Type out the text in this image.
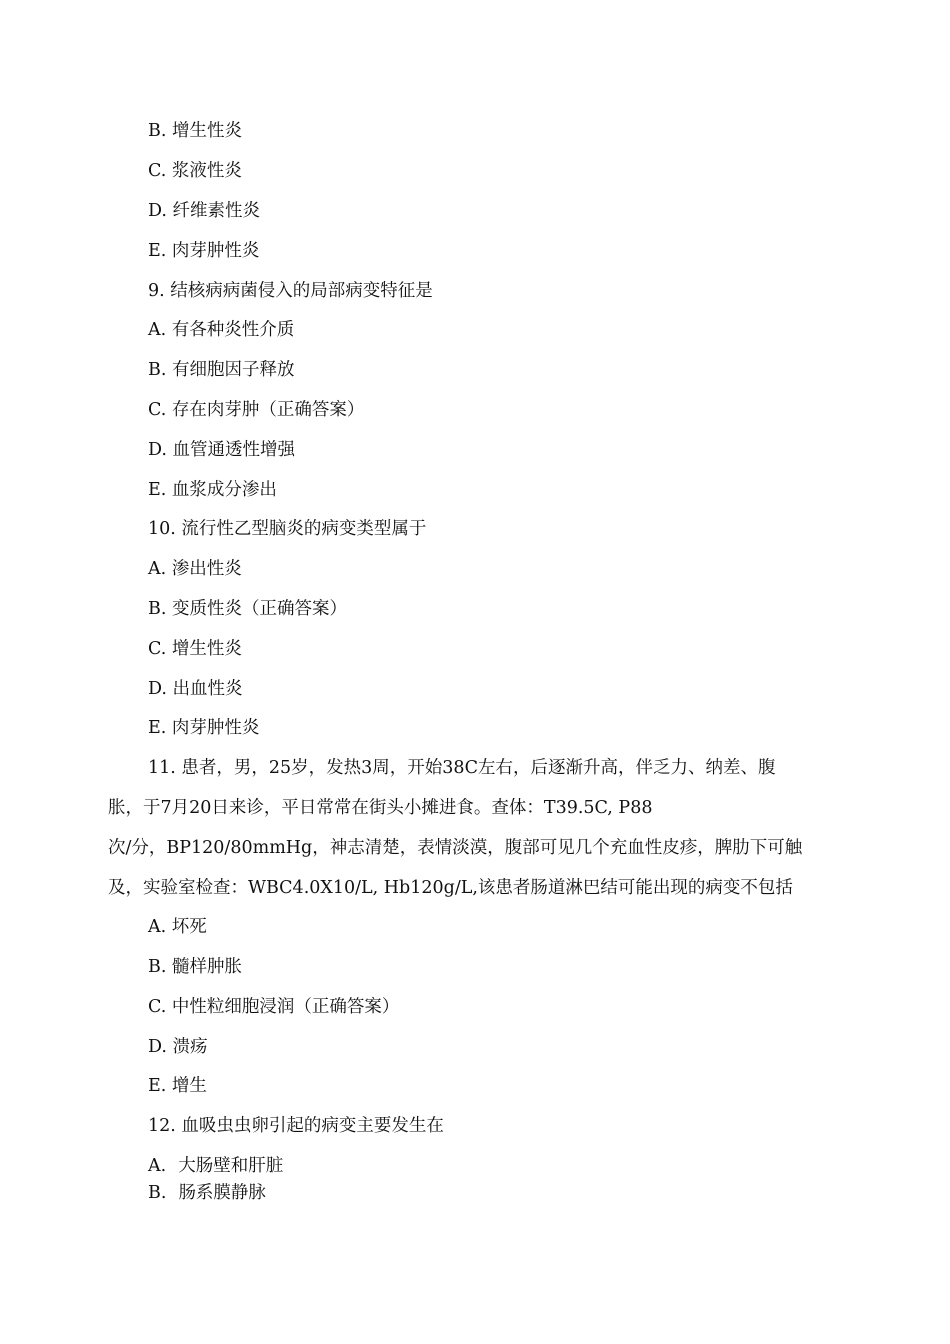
B. 增生性炎
C. 浆液性炎
D. 纤维素性炎
E. 肉芽肿性炎
9. 结核病病菌侵入的局部病变特征是
A. 有各种炎性介质
B. 有细胞因子释放
C. 存在肉芽肿（正确答案）
D. 血管通透性增强
E. 血浆成分渗出
10. 流行性乙型脑炎的病变类型属于
A. 渗出性炎
B. 变质性炎（正确答案）
C. 增生性炎
D. 出血性炎
E. 肉芽肿性炎
11. 患者，男，25岁，发热3周，开始38C左右，后逐渐升高，伴乏力、纳差、腹
胀，于7月20日来诊，平日常常在街头小摊进食。查体：T39.5C, P88
次/分，BP120/80mmHg，神志清楚，表情淡漠，腹部可见几个充血性皮疹，脾肋下可触
及，实验室检查：WBC4.0X10/L, Hb120g/L,该患者肠道淋巴结可能出现的病变不包括
A. 坏死
B. 髓样肿胀
C. 中性粒细胞浸润（正确答案）
D. 溃疡
E. 增生
12. 血吸虫虫卵引起的病变主要发生在
A. 大肠壁和肝脏
B. 肠系膜静脉
